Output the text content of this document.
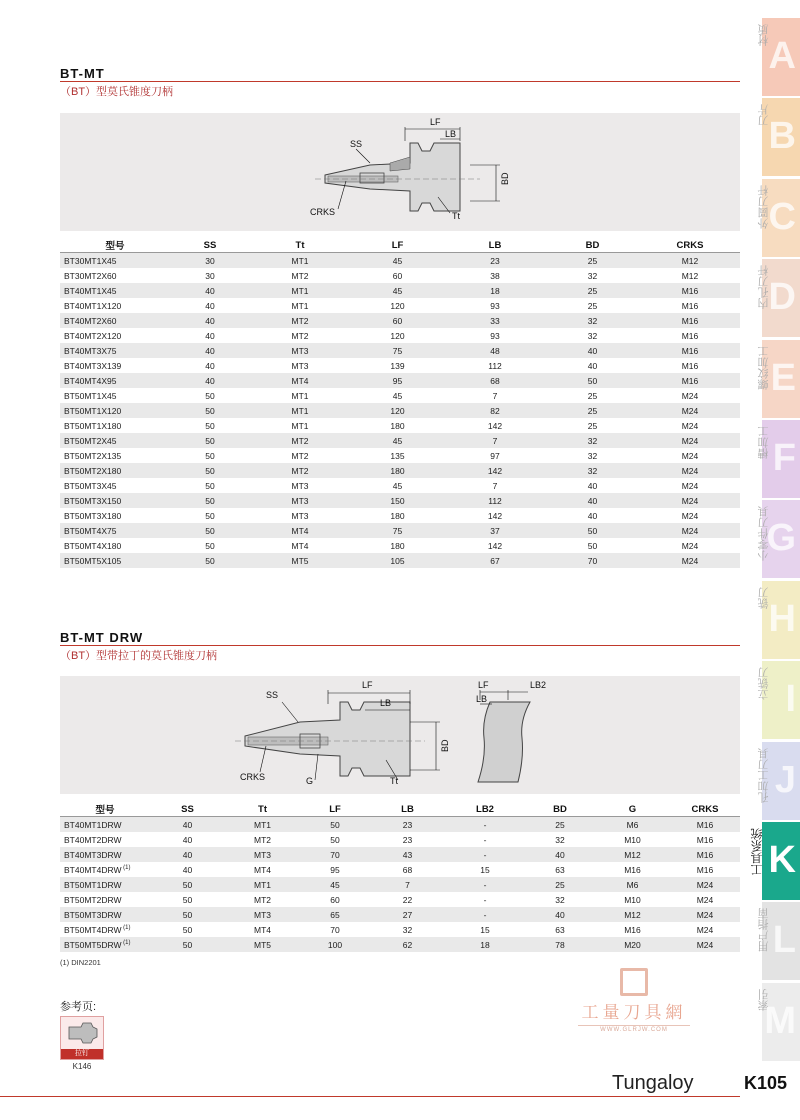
BT-MT
（BT）型莫氏锥度刀柄
LF
LB
SS
CRKS	Tt
BD
型号	SS	Tt	LF	LB	BD	CRKS
BT30MT1X45	30	MT1	45	23	25	M12
BT30MT2X60	30	MT2	60	38	32	M12
BT40MT1X45	40	MT1	45	18	25	M16
BT40MT1X120	40	MT1	120	93	25	M16
BT40MT2X60	40	MT2	60	33	32	M16
BT40MT2X120	40	MT2	120	93	32	M16
BT40MT3X75	40	MT3	75	48	40	M16
BT40MT3X139	40	MT3	139	112	40	M16
BT40MT4X95	40	MT4	95	68	50	M16
BT50MT1X45	50	MT1	45	7	25	M24
BT50MT1X120	50	MT1	120	82	25	M24
BT50MT1X180	50	MT1	180	142	25	M24
BT50MT2X45	50	MT2	45	7	32	M24
BT50MT2X135	50	MT2	135	97	32	M24
BT50MT2X180	50	MT2	180	142	32	M24
BT50MT3X45	50	MT3	45	7	40	M24
BT50MT3X150	50	MT3	150	112	40	M24
BT50MT3X180	50	MT3	180	142	40	M24
BT50MT4X75	50	MT4	75	37	50	M24
BT50MT4X180	50	MT4	180	142	50	M24
BT50MT5X105	50	MT5	105	67	70	M24
BT-MT DRW
（BT）型带拉丁的莫氏锥度刀柄
LF
LB
SS
CRKS	G	Tt
BD
LF
LB
LB2
型号	SS	Tt	LF	LB	LB2	BD	G	CRKS
BT40MT1DRW	40	MT1	50	23	-	25	M6	M16
BT40MT2DRW	40	MT2	50	23	-	32	M10	M16
BT40MT3DRW	40	MT3	70	43	-	40	M12	M16
BT40MT4DRW $^{(1)}$	40	MT4	95	68	15	63	M16	M16
BT50MT1DRW	50	MT1	45	7	-	25	M6	M24
BT50MT2DRW	50	MT2	60	22	-	32	M10	M24
BT50MT3DRW	50	MT3	65	27	-	40	M12	M24
BT50MT4DRW $^{(1)}$	50	MT4	70	32	15	63	M16	M24
BT50MT5DRW $^{(1)}$	50	MT5	100	62	18	78	M20	M24
(1) DIN2201
工量刀具網
WWW.GLRJW.COM
参考页:
拉钉
K146
Tungaloy	K105
材质
A
刀片
B
外圆刀杆
C
内孔刀杆
D
螺纹加工 E
槽加工 F
小零件刀具
G
铣刀
H
立铣刀 I
孔加工刀具 J
工具系统 K
用户指南 L
索引
M
